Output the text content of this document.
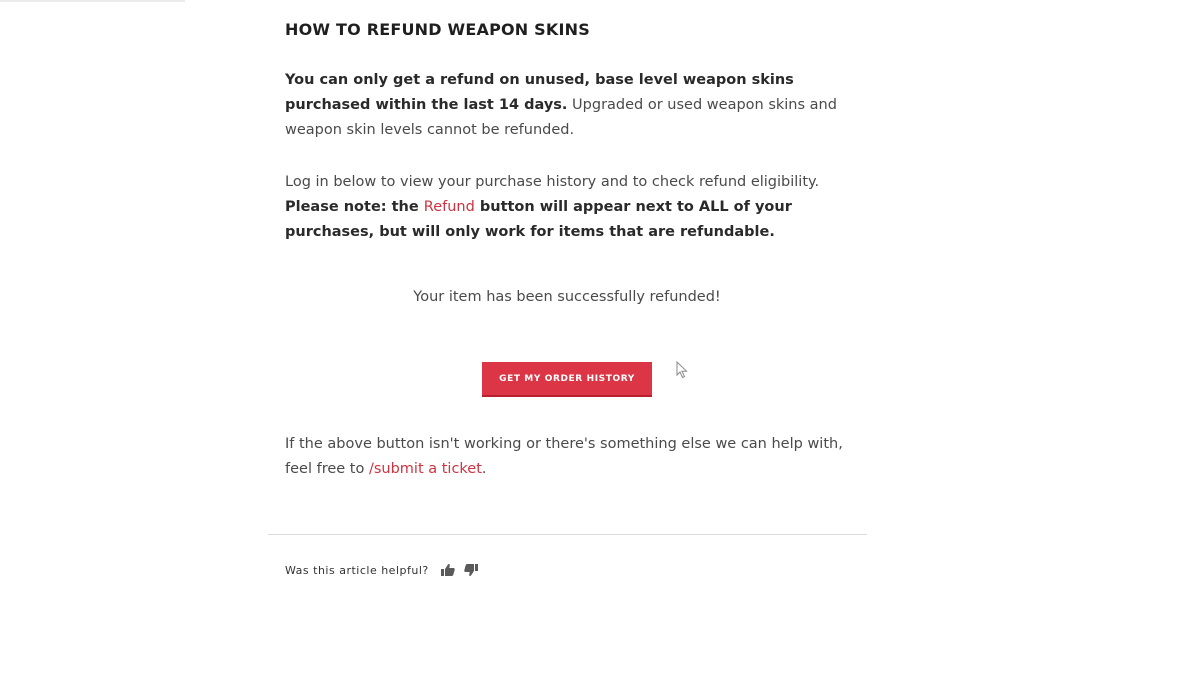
HOW TO REFUND WEAPON SKINS

You can only get a refund on unused, base level weapon skins purchased within the last 14 days. Upgraded or used weapon skins and weapon skin levels cannot be refunded.

Log in below to view your purchase history and to check refund eligibility.
Please note: the Refund button will appear next to ALL of your purchases, but will only work for items that are refundable.

Your item has been successfully refunded!
GET MY ORDER HISTORY

If the above button isn't working or there's something else we can help with, feel free to /submit a ticket.

Was this article helpful?
